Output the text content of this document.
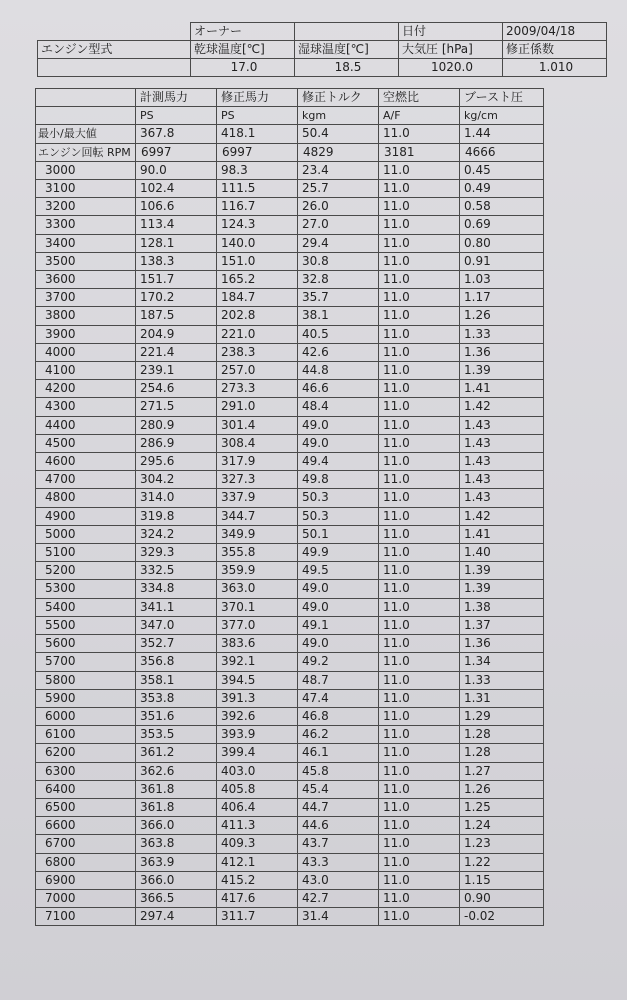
	オーナー		日付	2009/04/18
エンジン型式	乾球温度[℃]	湿球温度[℃]	大気圧 [hPa]	修正係数
	17.0	18.5	1020.0	1.010
	計測馬力	修正馬力	修正トルク	空燃比	ブースト圧
	PS	PS	kgm	A/F	kg/cm
最小/最大値	367.8	418.1	50.4	11.0	1.44
エンジン回転 RPM	6997	6997	4829	3181	4666
3000	90.0	98.3	23.4	11.0	0.45
3100	102.4	111.5	25.7	11.0	0.49
3200	106.6	116.7	26.0	11.0	0.58
3300	113.4	124.3	27.0	11.0	0.69
3400	128.1	140.0	29.4	11.0	0.80
3500	138.3	151.0	30.8	11.0	0.91
3600	151.7	165.2	32.8	11.0	1.03
3700	170.2	184.7	35.7	11.0	1.17
3800	187.5	202.8	38.1	11.0	1.26
3900	204.9	221.0	40.5	11.0	1.33
4000	221.4	238.3	42.6	11.0	1.36
4100	239.1	257.0	44.8	11.0	1.39
4200	254.6	273.3	46.6	11.0	1.41
4300	271.5	291.0	48.4	11.0	1.42
4400	280.9	301.4	49.0	11.0	1.43
4500	286.9	308.4	49.0	11.0	1.43
4600	295.6	317.9	49.4	11.0	1.43
4700	304.2	327.3	49.8	11.0	1.43
4800	314.0	337.9	50.3	11.0	1.43
4900	319.8	344.7	50.3	11.0	1.42
5000	324.2	349.9	50.1	11.0	1.41
5100	329.3	355.8	49.9	11.0	1.40
5200	332.5	359.9	49.5	11.0	1.39
5300	334.8	363.0	49.0	11.0	1.39
5400	341.1	370.1	49.0	11.0	1.38
5500	347.0	377.0	49.1	11.0	1.37
5600	352.7	383.6	49.0	11.0	1.36
5700	356.8	392.1	49.2	11.0	1.34
5800	358.1	394.5	48.7	11.0	1.33
5900	353.8	391.3	47.4	11.0	1.31
6000	351.6	392.6	46.8	11.0	1.29
6100	353.5	393.9	46.2	11.0	1.28
6200	361.2	399.4	46.1	11.0	1.28
6300	362.6	403.0	45.8	11.0	1.27
6400	361.8	405.8	45.4	11.0	1.26
6500	361.8	406.4	44.7	11.0	1.25
6600	366.0	411.3	44.6	11.0	1.24
6700	363.8	409.3	43.7	11.0	1.23
6800	363.9	412.1	43.3	11.0	1.22
6900	366.0	415.2	43.0	11.0	1.15
7000	366.5	417.6	42.7	11.0	0.90
7100	297.4	311.7	31.4	11.0	-0.02
